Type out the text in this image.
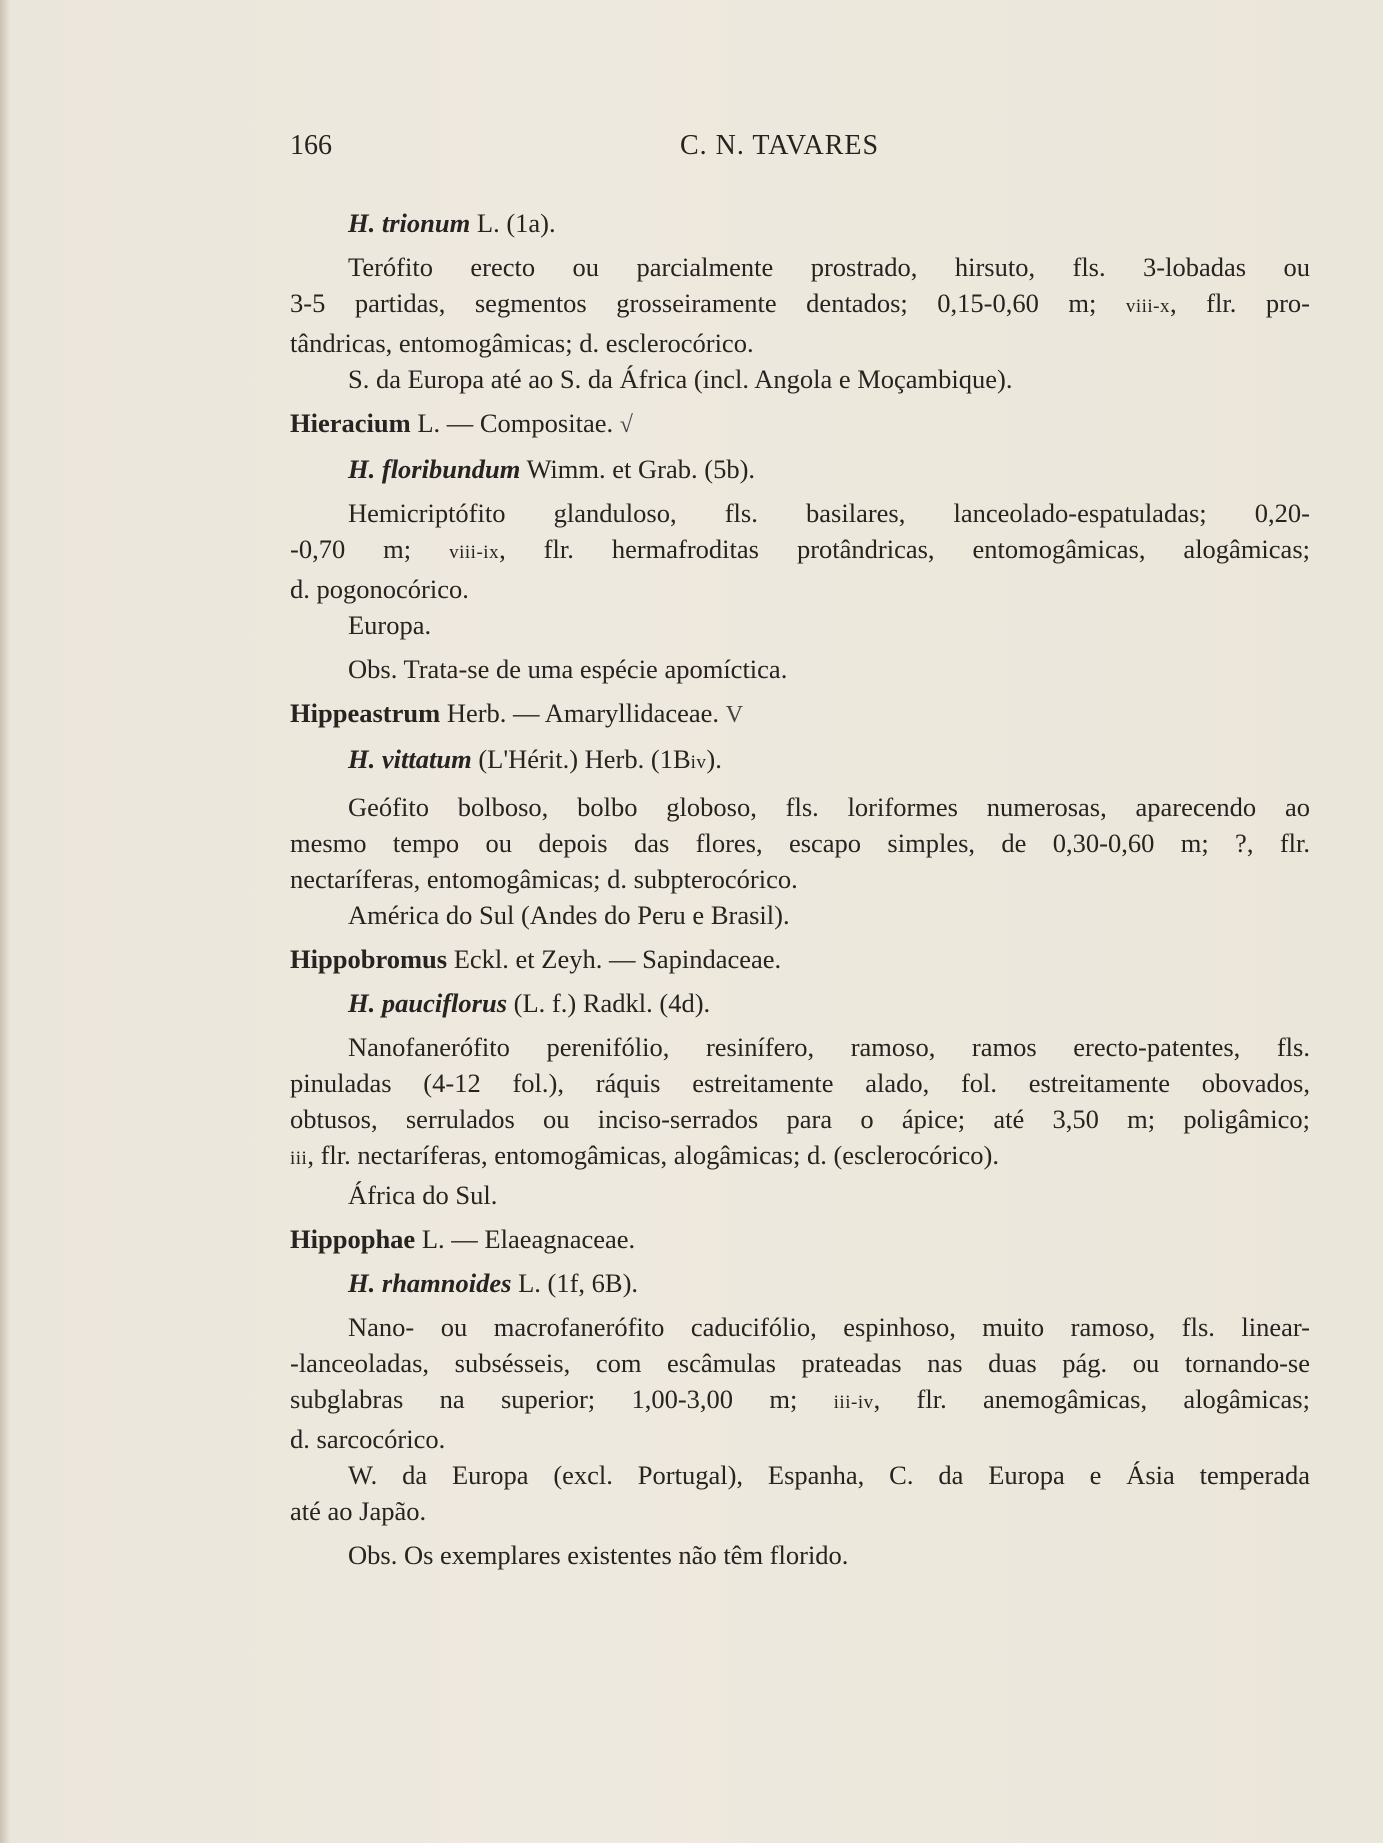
166	C. N. TAVARES
H. trionum L. (1a).
Terófito erecto ou parcialmente prostrado, hirsuto, fls. 3-lobadas ou
3-5 partidas, segmentos grosseiramente dentados; 0,15-0,60 m; viii-x, flr. pro-
tândricas, entomogâmicas; d. esclerocórico.
S. da Europa até ao S. da África (incl. Angola e Moçambique).
Hieracium L. — Compositae. √
H. floribundum Wimm. et Grab. (5b).
Hemicriptófito glanduloso, fls. basilares, lanceolado-espatuladas; 0,20-
-0,70 m; viii-ix, flr. hermafroditas protândricas, entomogâmicas, alogâmicas;
d. pogonocórico.
Europa.
Obs. Trata-se de uma espécie apomíctica.
Hippeastrum Herb. — Amaryllidaceae. V
H. vittatum (L'Hérit.) Herb. (1Biv).
Geófito bolboso, bolbo globoso, fls. loriformes numerosas, aparecendo ao
mesmo tempo ou depois das flores, escapo simples, de 0,30-0,60 m; ?, flr.
nectaríferas, entomogâmicas; d. subpterocórico.
América do Sul (Andes do Peru e Brasil).
Hippobromus Eckl. et Zeyh. — Sapindaceae.
H. pauciflorus (L. f.) Radkl. (4d).
Nanofanerófito perenifólio, resinífero, ramoso, ramos erecto-patentes, fls.
pinuladas (4-12 fol.), ráquis estreitamente alado, fol. estreitamente obovados,
obtusos, serrulados ou inciso-serrados para o ápice; até 3,50 m; poligâmico;
iii, flr. nectaríferas, entomogâmicas, alogâmicas; d. (esclerocórico).
África do Sul.
Hippophae L. — Elaeagnaceae.
H. rhamnoides L. (1f, 6B).
Nano- ou macrofanerófito caducifólio, espinhoso, muito ramoso, fls. linear-
-lanceoladas, subsésseis, com escâmulas prateadas nas duas pág. ou tornando-se
subglabras na superior; 1,00-3,00 m; iii-iv, flr. anemogâmicas, alogâmicas;
d. sarcocórico.
W. da Europa (excl. Portugal), Espanha, C. da Europa e Ásia temperada
até ao Japão.
Obs. Os exemplares existentes não têm florido.
